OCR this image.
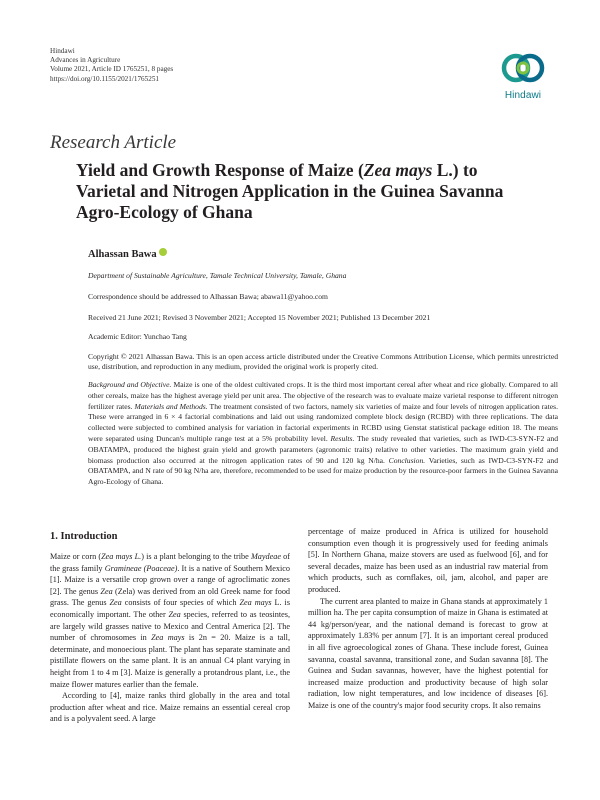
Hindawi
Advances in Agriculture
Volume 2021, Article ID 1765251, 8 pages
https://doi.org/10.1155/2021/1765251
Hindawi
Research Article
Yield and Growth Response of Maize (Zea mays L.) to Varietal and Nitrogen Application in the Guinea Savanna Agro-Ecology of Ghana
Alhassan Bawa
Department of Sustainable Agriculture, Tamale Technical University, Tamale, Ghana
Correspondence should be addressed to Alhassan Bawa; abawa11@yahoo.com
Received 21 June 2021; Revised 3 November 2021; Accepted 15 November 2021; Published 13 December 2021
Academic Editor: Yunchao Tang
Copyright © 2021 Alhassan Bawa. This is an open access article distributed under the Creative Commons Attribution License, which permits unrestricted use, distribution, and reproduction in any medium, provided the original work is properly cited.
Background and Objective. Maize is one of the oldest cultivated crops. It is the third most important cereal after wheat and rice globally. Compared to all other cereals, maize has the highest average yield per unit area. The objective of the research was to evaluate maize varietal response to different nitrogen fertilizer rates. Materials and Methods. The treatment consisted of two factors, namely six varieties of maize and four levels of nitrogen application rates. These were arranged in 6 × 4 factorial combinations and laid out using randomized complete block design (RCBD) with three replications. The data collected were subjected to combined analysis for variation in factorial experiments in RCBD using Genstat statistical package edition 18. The means were separated using Duncan's multiple range test at a 5% probability level. Results. The study revealed that varieties, such as IWD-C3-SYN-F2 and OBATAMPA, produced the highest grain yield and growth parameters (agronomic traits) relative to other varieties. The maximum grain yield and biomass production also occurred at the nitrogen application rates of 90 and 120 kg N/ha. Conclusion. Varieties, such as IWD-C3-SYN-F2 and OBATAMPA, and N rate of 90 kg N/ha are, therefore, recommended to be used for maize production by the resource-poor farmers in the Guinea Savanna Agro-Ecology of Ghana.
1. Introduction

Maize or corn (Zea mays L.) is a plant belonging to the tribe Maydeae of the grass family Gramineae (Poaceae). It is a native of Southern Mexico [1]. Maize is a versatile crop grown over a range of agroclimatic zones [2]. The genus Zea (Zela) was derived from an old Greek name for food grass. The genus Zea consists of four species of which Zea mays L. is economically important. The other Zea species, referred to as teosintes, are largely wild grasses native to Mexico and Central America [2]. The number of chromosomes in Zea mays is 2n = 20. Maize is a tall, determinate, and monoecious plant. The plant has separate staminate and pistillate flowers on the same plant. It is an annual C4 plant varying in height from 1 to 4 m [3]. Maize is generally a protandrous plant, i.e., the maize flower matures earlier than the female.

According to [4], maize ranks third globally in the area and total production after wheat and rice. Maize remains an essential cereal crop and is a polyvalent seed. A large

percentage of maize produced in Africa is utilized for household consumption even though it is progressively used for feeding animals [5]. In Northern Ghana, maize stovers are used as fuelwood [6], and for several decades, maize has been used as an industrial raw material from which products, such as cornflakes, oil, jam, alcohol, and paper are produced.

The current area planted to maize in Ghana stands at approximately 1 million ha. The per capita consumption of maize in Ghana is estimated at 44 kg/person/year, and the national demand is forecast to grow at approximately 1.83% per annum [7]. It is an important cereal produced in all five agroecological zones of Ghana. These include forest, Guinea savanna, coastal savanna, transitional zone, and Sudan savanna [8]. The Guinea and Sudan savannas, however, have the highest potential for increased maize production and productivity because of high solar radiation, low night temperatures, and low incidence of diseases [6]. Maize is one of the country's major food security crops. It also remains
